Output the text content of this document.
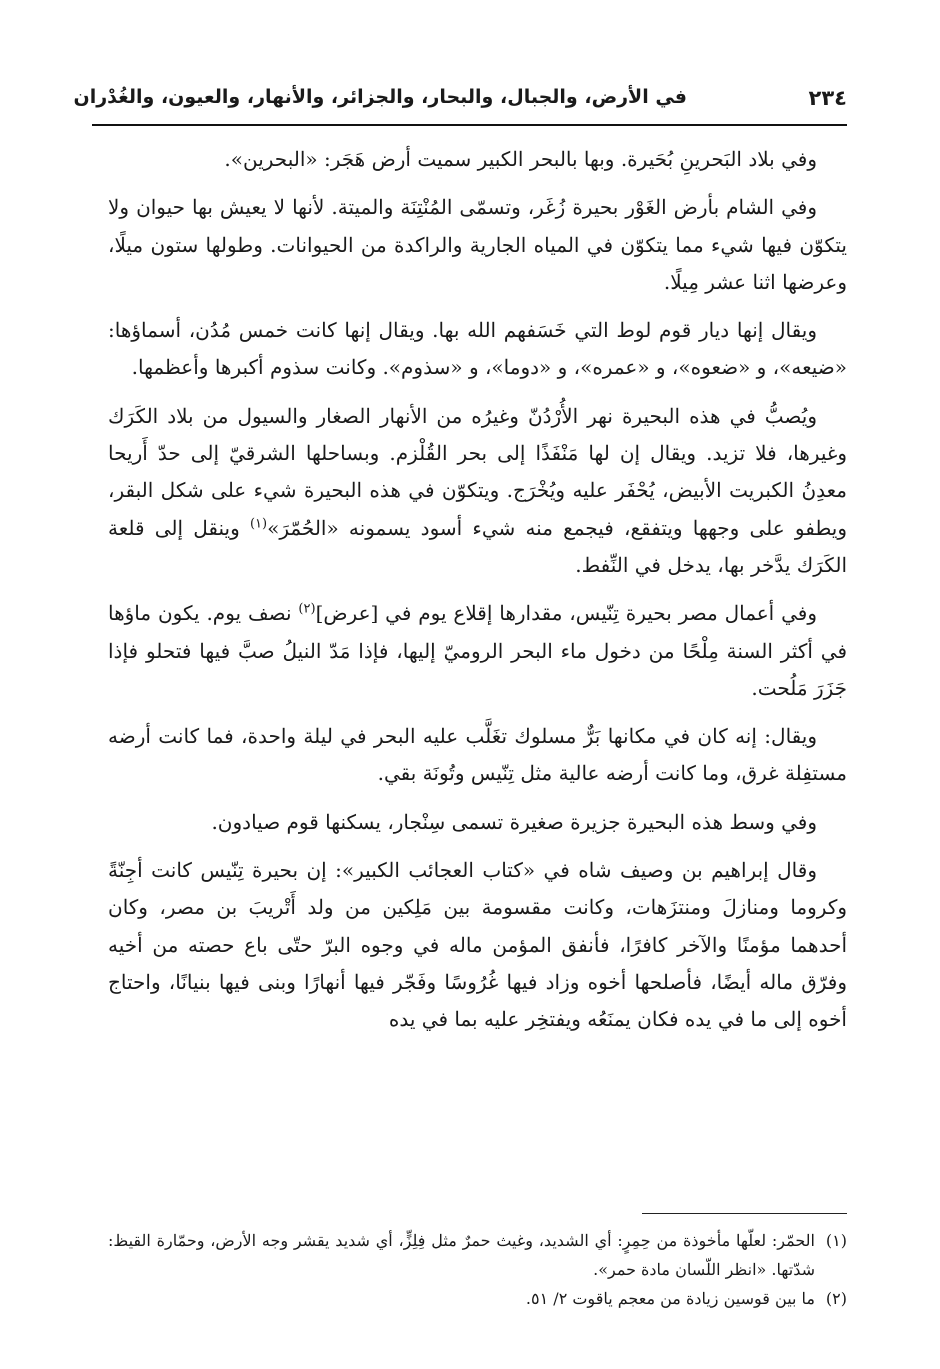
٢٣٤
في الأرض، والجبال، والبحار، والجزائر، والأنهار، والعيون، والغُدْران

وفي بلاد البَحرينِ بُحَيرة. وبها بالبحر الكبير سميت أرض هَجَر: «البحرين».

وفي الشام بأرض الغَوْر بحيرة زُغَر، وتسمّى المُنْتِنَة والميتة. لأنها لا يعيش بها حيوان ولا يتكوّن فيها شيء مما يتكوّن في المياه الجارية والراكدة من الحيوانات. وطولها ستون ميلًا، وعرضها اثنا عشر مِيلًا.

ويقال إنها ديار قوم لوط التي خَسَفهم الله بها. ويقال إنها كانت خمس مُدُن، أسماؤها: «ضيعه»، و «ضعوه»، و «عمره»، و «دوما»، و «سذوم». وكانت سذوم أكبرها وأعظمها.

ويُصبُّ في هذه البحيرة نهر الأُرْدُنّ وغيرُه من الأنهار الصغار والسيول من بلاد الكَرَك وغيرها، فلا تزيد. ويقال إن لها مَنْفَذًا إلى بحر القُلْزم. وبساحلها الشرقيّ إلى حدّ أَريحا معدِنُ الكبريت الأبيض، يُحْفَر عليه ويُخْرَج. ويتكوّن في هذه البحيرة شيء على شكل البقر، ويطفو على وجهها ويتفقع، فيجمع منه شيء أسود يسمونه «الحُمّرَ»$^{(١)}$ وينقل إلى قلعة الكَرَك يدَّخر بها، يدخل في النِّفط.

وفي أعمال مصر بحيرة تِنّيس، مقدارها إقلاع يوم في [عرض]$^{(٢)}$ نصف يوم. يكون ماؤها في أكثر السنة مِلْحًا من دخول ماء البحر الروميّ إليها، فإذا مَدّ النيلُ صبَّ فيها فتحلو فإذا جَزَرَ مَلُحت.

ويقال: إنه كان في مكانها بَرٌّ مسلوك تغَلَّب عليه البحر في ليلة واحدة، فما كانت أرضه مستفِلة غرق، وما كانت أرضه عالية مثل تِنّيس وتُونَة بقي.

وفي وسط هذه البحيرة جزيرة صغيرة تسمى سِنْجار، يسكنها قوم صيادون.

وقال إبراهيم بن وصيف شاه في «كتاب العجائب الكبير»: إن بحيرة تِنّيس كانت أجِنّةً وكروما ومنازلَ ومنتزَهات، وكانت مقسومة بين مَلِكين من ولد أَتْريبَ بن مصر، وكان أحدهما مؤمنًا والآخر كافرًا، فأنفق المؤمن ماله في وجوه البرّ حتّى باع حصته من أخيه وفرّق ماله أيضًا، فأصلحها أخوه وزاد فيها غُرُوسًا وفَجّر فيها أنهارًا وبنى فيها بنيانًا، واحتاج أخوه إلى ما في يده فكان يمنَعُه ويفتخِر عليه بما في يده

(١)
الحمّر: لعلّها مأخوذة من حِمِرٍ: أي الشديد، وغيث حمرٌ مثل فِلِزٍّ، أي شديد يقشر وجه الأرض، وحمّارة القيظ: شدّتها. «انظر اللّسان مادة حمر».

(٢)
ما بين قوسين زيادة من معجم ياقوت ٢/ ٥١.
